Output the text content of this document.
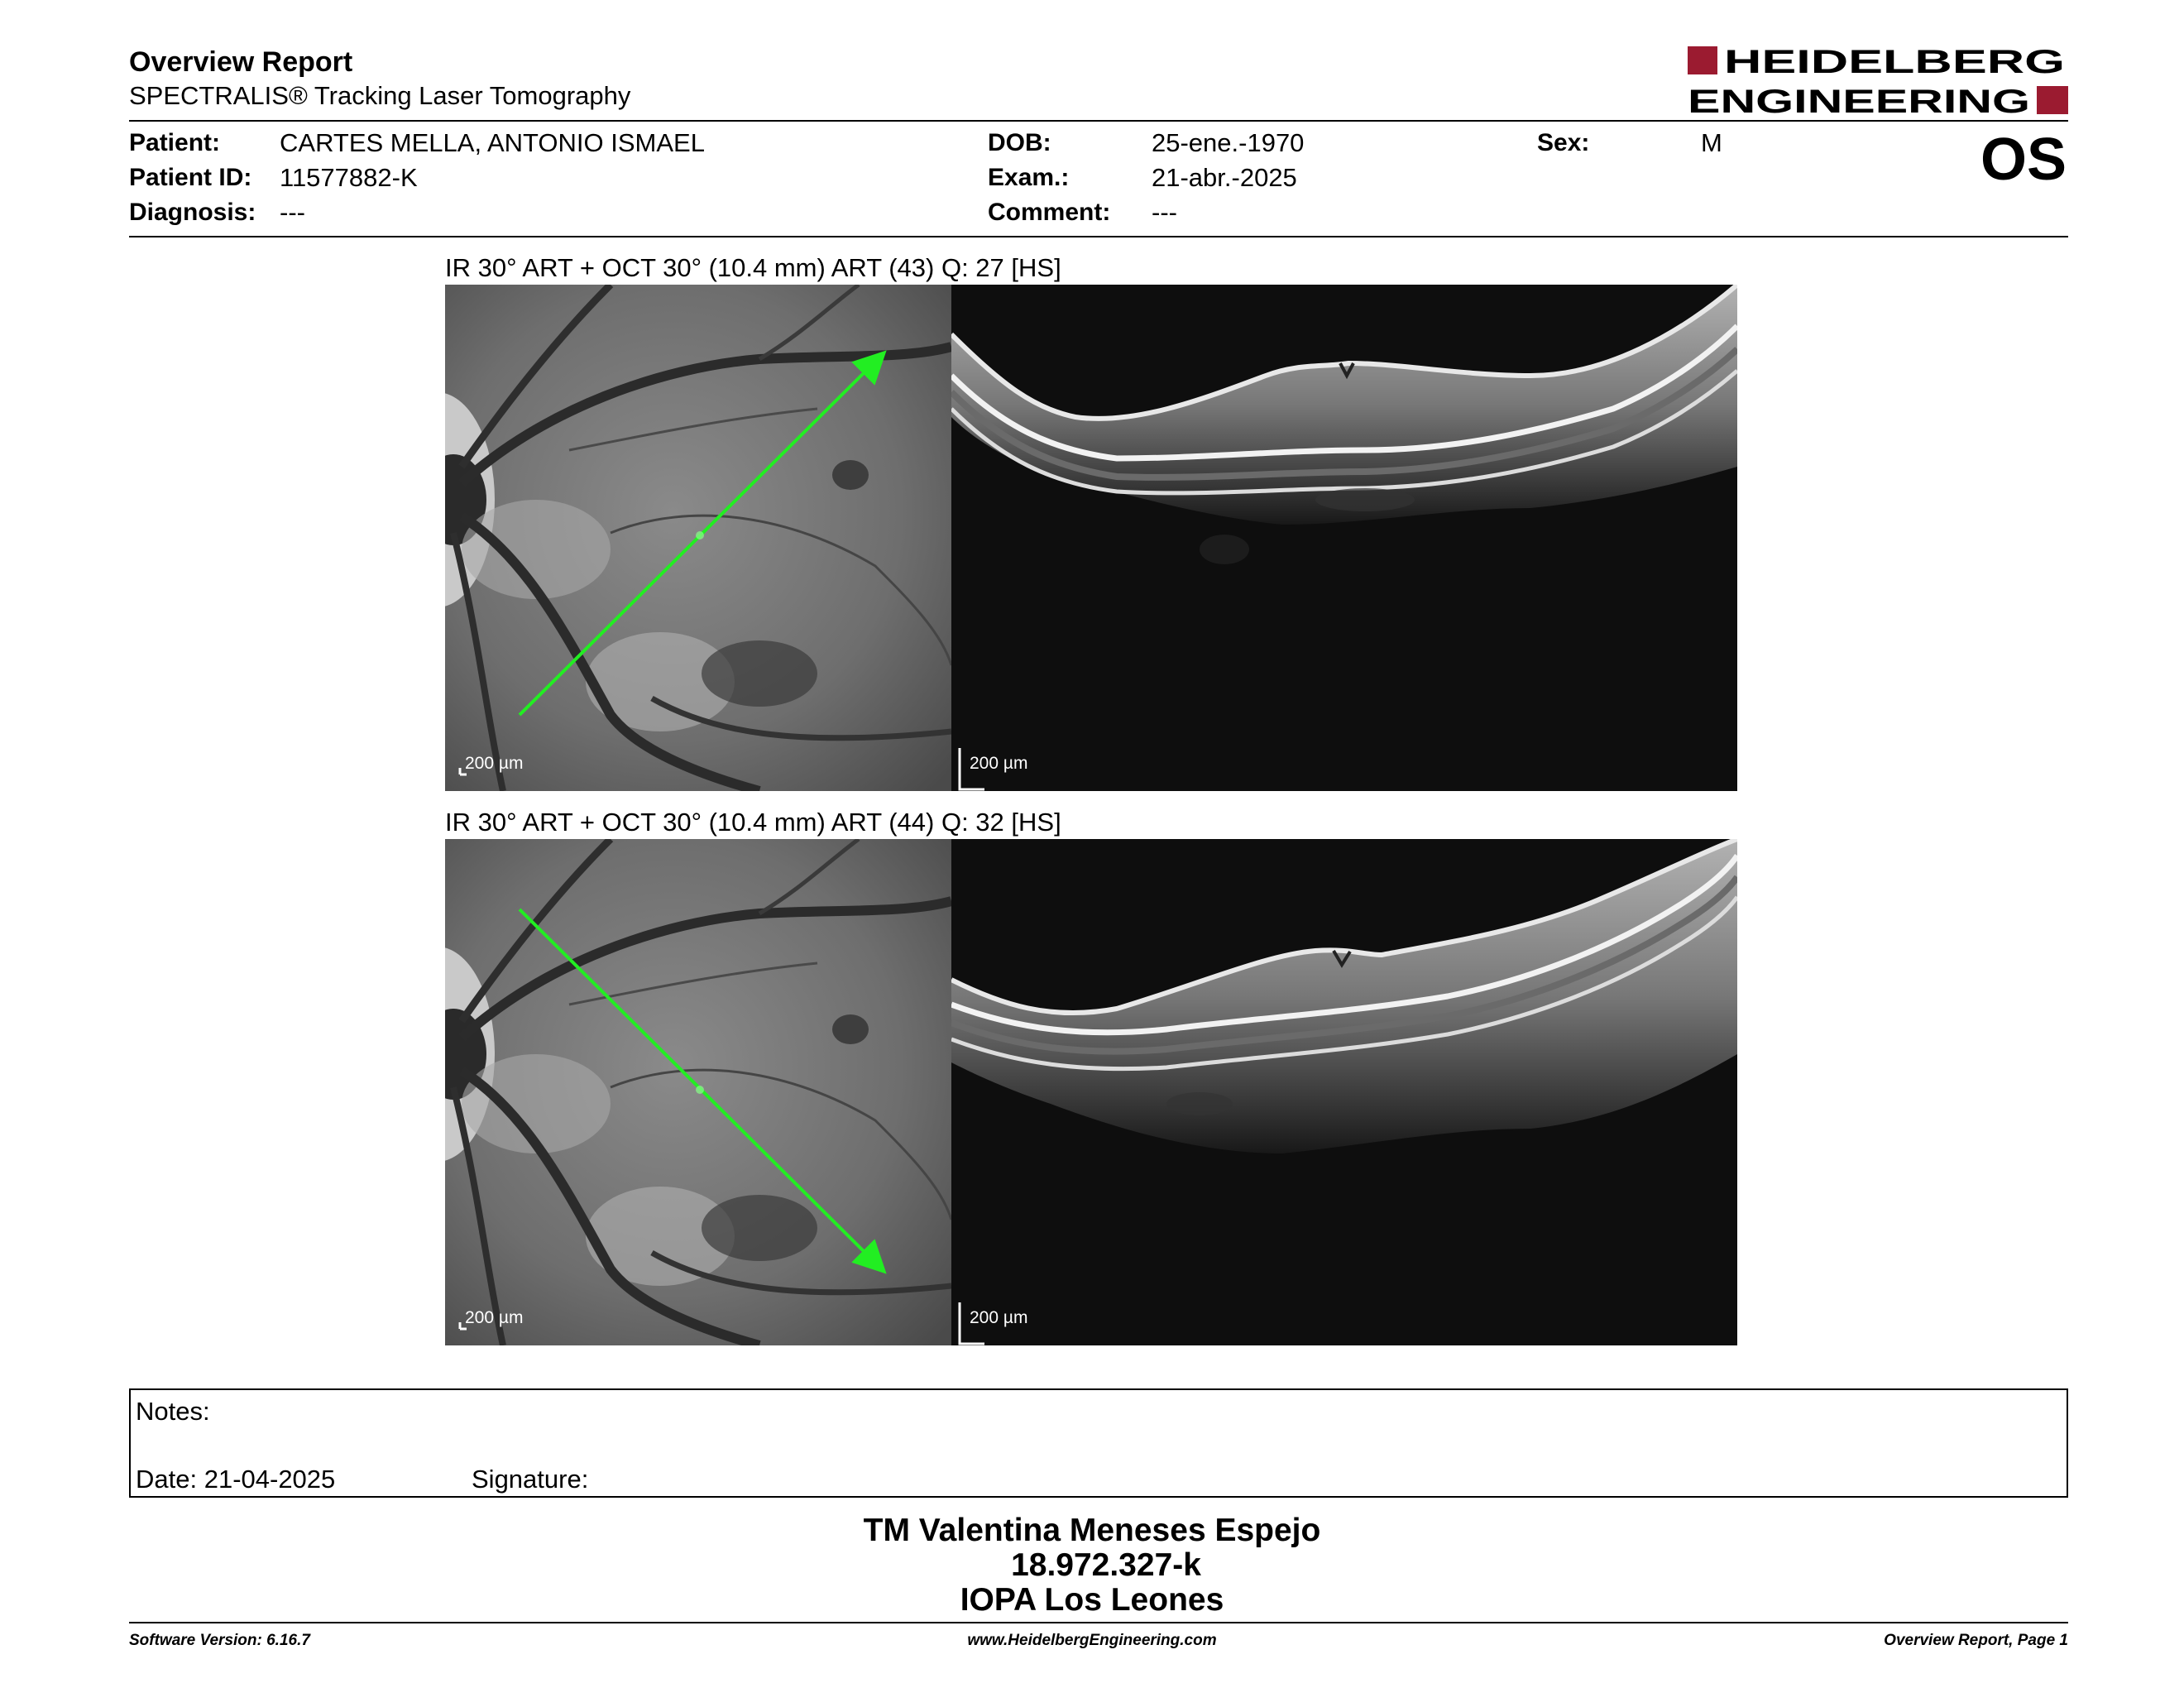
Overview Report
SPECTRALIS® Tracking Laser Tomography
HEIDELBERG
ENGINEERING
Patient: CARTES MELLA, ANTONIO ISMAEL
Patient ID: 11577882-K
Diagnosis: ---
DOB:	25-ene.-1970
Exam.:	21-abr.-2025
Comment: ---
Sex:	M	OS
IR 30° ART + OCT 30° (10.4 mm) ART (43) Q: 27 [HS]
200 µm	200 µm
IR 30° ART + OCT 30° (10.4 mm) ART (44) Q: 32 [HS]
200 µm	200 µm
Notes:
Date: 21-04-2025	Signature:
TM Valentina Meneses Espejo
18.972.327-k
IOPA Los Leones
Software Version: 6.16.7	www.HeidelbergEngineering.com	Overview Report, Page 1
